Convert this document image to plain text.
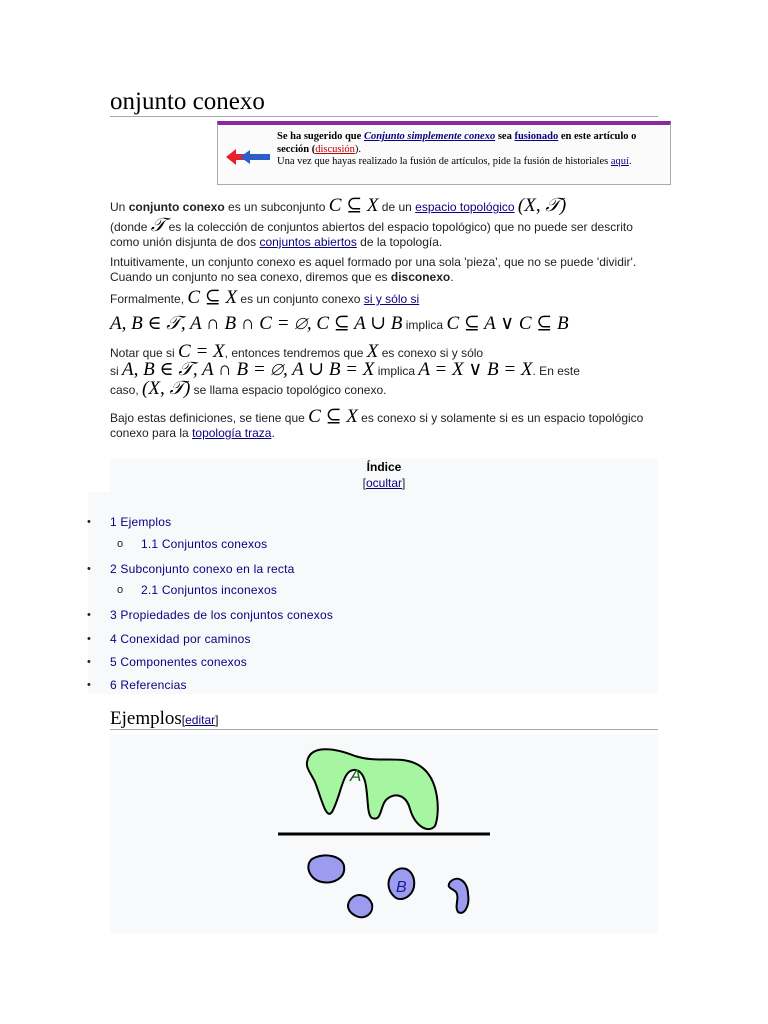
onjunto conexo
Se ha sugerido que Conjunto simplemente conexo sea fusionado en este artículo o sección (discusión).
Una vez que hayas realizado la fusión de artículos, pide la fusión de historiales aquí.
Un conjunto conexo es un subconjunto C ⊆ X de un espacio topológico (X, 𝒯)
(donde 𝒯 es la colección de conjuntos abiertos del espacio topológico) que no puede ser descrito como unión disjunta de dos conjuntos abiertos de la topología.
Intuitivamente, un conjunto conexo es aquel formado por una sola 'pieza', que no se puede 'dividir'. Cuando un conjunto no sea conexo, diremos que es disconexo.
Formalmente, C ⊆ X es un conjunto conexo si y sólo si
A, B ∈ 𝒯, A ∩ B ∩ C = ∅, C ⊆ A ∪ B implica C ⊆ A ∨ C ⊆ B
Notar que si C = X, entonces tendremos que X es conexo si y sólo
si A, B ∈ 𝒯, A ∩ B = ∅, A ∪ B = X implica A = X ∨ B = X. En este
caso, (X, 𝒯) se llama espacio topológico conexo.
Bajo estas definiciones, se tiene que C ⊆ X es conexo si y solamente si es un espacio topológico conexo para la topología traza.
Índice
[ocultar]
• 1 Ejemplos
o 1.1 Conjuntos conexos
• 2 Subconjunto conexo en la recta
o 2.1 Conjuntos inconexos
• 3 Propiedades de los conjuntos conexos
• 4 Conexidad por caminos
• 5 Componentes conexos
• 6 Referencias
Ejemplos[editar]
A
B
